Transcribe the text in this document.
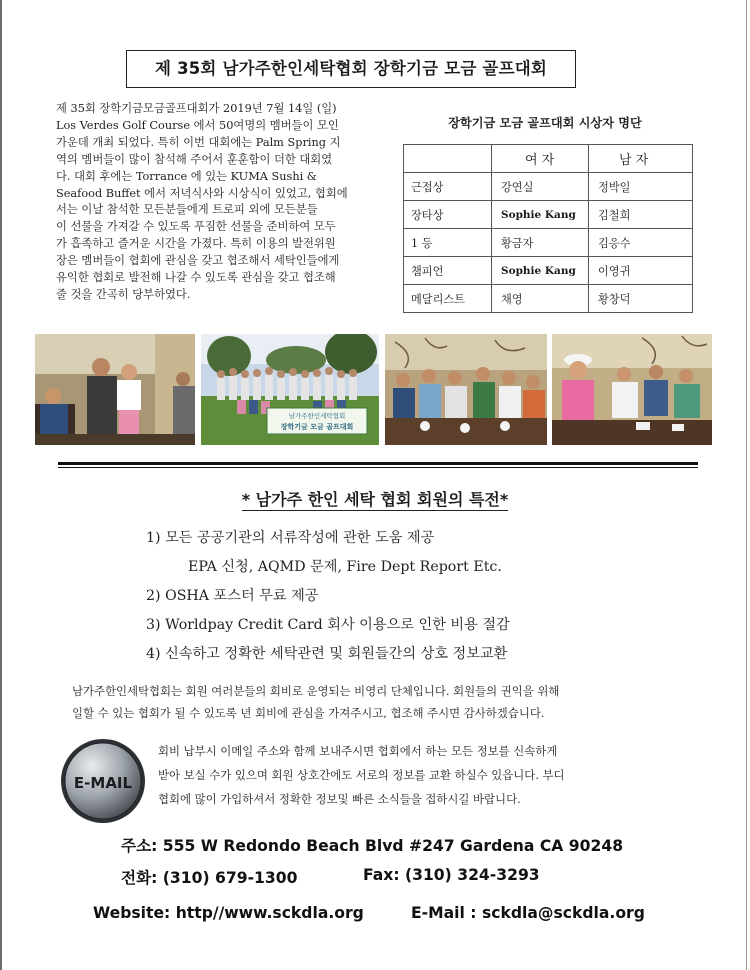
제 35회 남가주한인세탁협회 장학기금 모금 골프대회

제 35회 장학기금모금골프대회가 2019년 7월 14일 (일)

Los Verdes Golf Course 에서 50여명의 멤버들이 모인

가운데 개최 되었다. 특히 이번 대회에는 Palm Spring 지

역의 멤버들이 많이 참석해 주어서 훈훈함이 더한 대회였

다. 대회 후에는 Torrance 에 있는 KUMA Sushi &

Seafood Buffet 에서 저녁식사와 시상식이 있었고, 협회에

서는 이날 참석한 모든분들에게 트로피 외에 모든분들

이 선물을 가져갈 수 있도록 푸짐한 선물을 준비하여 모두

가 흡족하고 즐거운 시간을 가졌다. 특히 이용의 발전위원

장은 멤버들이 협회에 관심을 갖고 협조해서 세탁인들에게

유익한 협회로 발전해 나갈 수 있도록 관심을 갖고 협조해

줄 것을 간곡히 당부하였다.

장학기금 모금 골프대회 시상자 명단
	여 자	남 자
근접상	강연실	정박일
장타상	Sophie Kang	김철희
1 등	황금자	김응수
챔피언	Sophie Kang	이영귀
메달리스트	채영	황창덕
남가주한인세탁협회
장학기금 모금 골프대회
* 남가주 한인 세탁 협회 회원의 특전*
1) 모든 공공기관의 서류작성에 관한 도움 제공
EPA 신청, AQMD 문제, Fire Dept Report Etc.
2) OSHA 포스터 무료 제공
3) Worldpay Credit Card 회사 이용으로 인한 비용 절감
4) 신속하고 정확한 세탁관련 및 회원들간의 상호 정보교환

남가주한인세탁협회는 회원 여러분들의 회비로 운영되는 비영리 단체입니다. 회원들의 권익을 위해

일할 수 있는 협회가 될 수 있도록 년 회비에 관심을 가져주시고, 협조해 주시면 감사하겠습니다.

E-MAIL

회비 납부시 이메일 주소와 함께 보내주시면 협회에서 하는 모든 정보를 신속하게

받아 보실 수가 있으며 회원 상호간에도 서로의 정보를 교환 하실수 있읍니다. 부디

협회에 많이 가입하셔서 정확한 정보및 빠른 소식들을 접하시길 바랍니다.

주소: 555 W Redondo Beach Blvd #247 Gardena CA 90248
전화: (310) 679-1300	Fax: (310) 324-3293
Website: http//www.sckdla.org	E-Mail : sckdla@sckdla.org
